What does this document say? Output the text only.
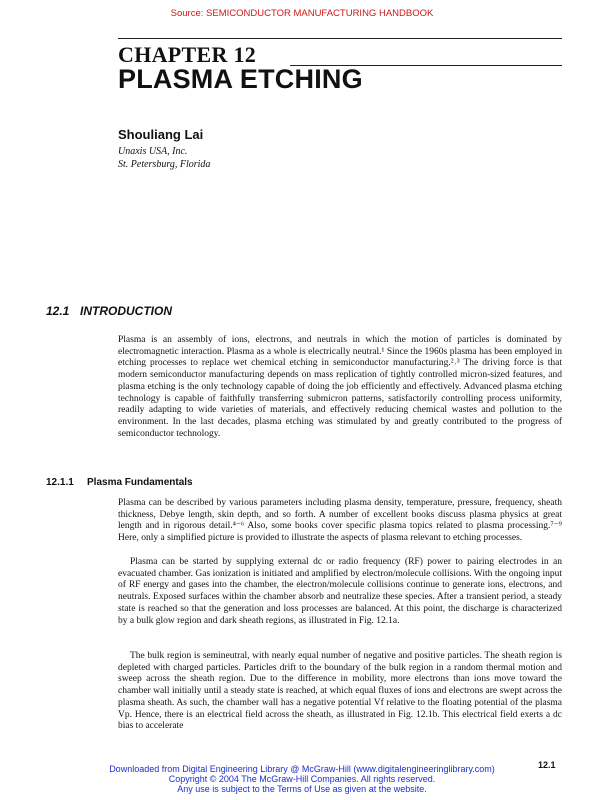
Source: SEMICONDUCTOR MANUFACTURING HANDBOOK
CHAPTER 12
PLASMA ETCHING
Shouliang Lai
Unaxis USA, Inc.
St. Petersburg, Florida
12.1 INTRODUCTION

Plasma is an assembly of ions, electrons, and neutrals in which the motion of particles is dominated by electromagnetic interaction. Plasma as a whole is electrically neutral.¹ Since the 1960s plasma has been employed in etching processes to replace wet chemical etching in semiconductor manufacturing.²˒³ The driving force is that modern semiconductor manufacturing depends on mass replication of tightly controlled micron-sized features, and plasma etching is the only technology capable of doing the job efficiently and effectively. Advanced plasma etching technology is capable of faithfully transferring submicron patterns, satisfactorily controlling process uniformity, readily adapting to wide varieties of materials, and effectively reducing chemical wastes and pollution to the environment. In the last decades, plasma etching was stimulated by and greatly contributed to the progress of semiconductor technology.

12.1.1 Plasma Fundamentals

Plasma can be described by various parameters including plasma density, temperature, pressure, frequency, sheath thickness, Debye length, skin depth, and so forth. A number of excellent books discuss plasma physics at great length and in rigorous detail.⁴⁻⁶ Also, some books cover specific plasma topics related to plasma processing.⁷⁻⁹ Here, only a simplified picture is provided to illustrate the aspects of plasma relevant to etching processes.

Plasma can be started by supplying external dc or radio frequency (RF) power to pairing electrodes in an evacuated chamber. Gas ionization is initiated and amplified by electron/molecule collisions. With the ongoing input of RF energy and gases into the chamber, the electron/molecule collisions continue to generate ions, electrons, and neutrals. Exposed surfaces within the chamber absorb and neutralize these species. After a transient period, a steady state is reached so that the generation and loss processes are balanced. At this point, the discharge is characterized by a bulk glow region and dark sheath regions, as illustrated in Fig. 12.1a.

The bulk region is semineutral, with nearly equal number of negative and positive particles. The sheath region is depleted with charged particles. Particles drift to the boundary of the bulk region in a random thermal motion and sweep across the sheath region. Due to the difference in mobility, more electrons than ions move toward the chamber wall initially until a steady state is reached, at which equal fluxes of ions and electrons are swept across the plasma sheath. As such, the chamber wall has a negative potential Vf relative to the floating potential of the plasma Vp. Hence, there is an electrical field across the sheath, as illustrated in Fig. 12.1b. This electrical field exerts a dc bias to accelerate

12.1
Downloaded from Digital Engineering Library @ McGraw-Hill (www.digitalengineeringlibrary.com)
Copyright © 2004 The McGraw-Hill Companies. All rights reserved.
Any use is subject to the Terms of Use as given at the website.
